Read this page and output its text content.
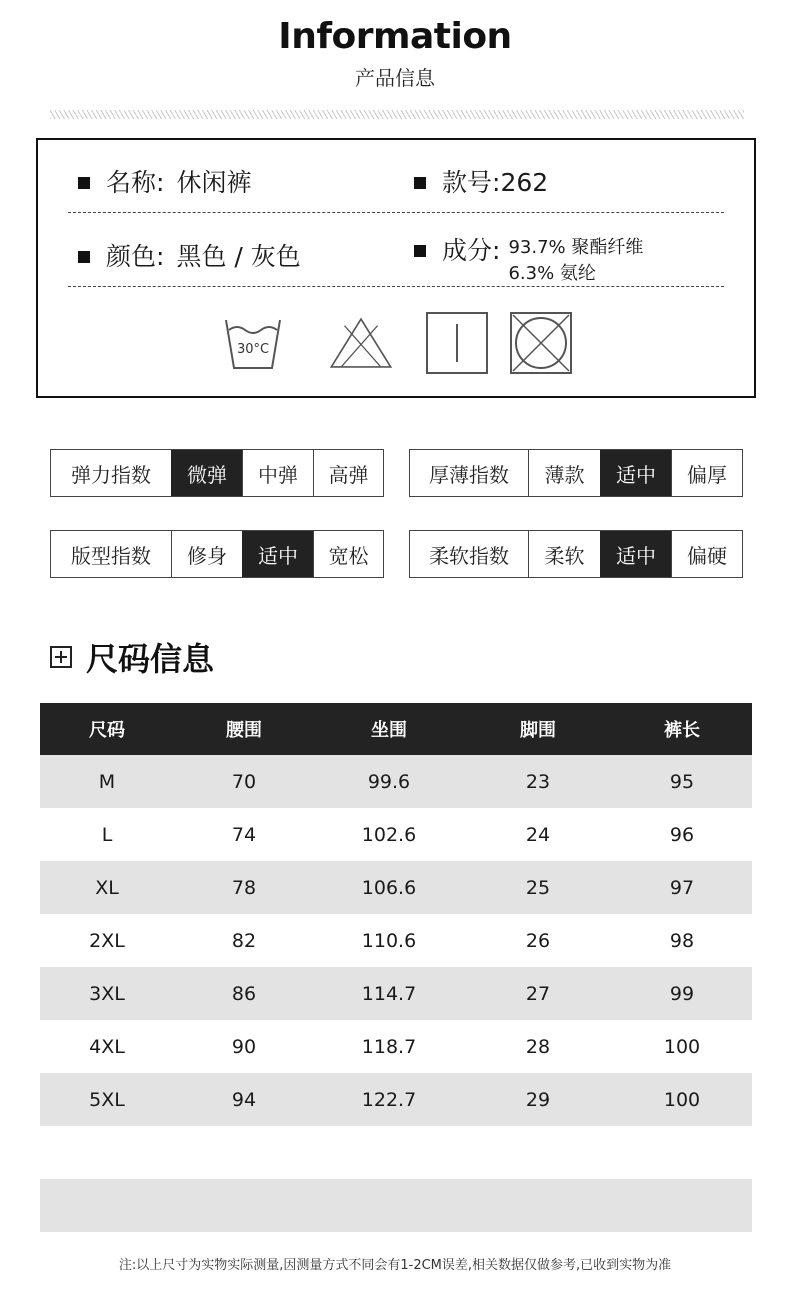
Information
产品信息
名称: 休闲裤	款号: 262
颜色: 黑色 / 灰色	成分: 93.7% 聚酯纤维
6.3% 氨纶
30°C
弹力指数	微弹	中弹	高弹	厚薄指数	薄款	适中	偏厚
版型指数	修身	适中	宽松	柔软指数	柔软	适中	偏硬
尺码信息
尺码	腰围	坐围	脚围	裤长
M	70	99.6	23	95
L	74	102.6	24	96
XL	78	106.6	25	97
2XL	82	110.6	26	98
3XL	86	114.7	27	99
4XL	90	118.7	28	100
5XL	94	122.7	29	100

注:以上尺寸为实物实际测量,因测量方式不同会有1-2CM误差,相关数据仅做参考,已收到实物为准
